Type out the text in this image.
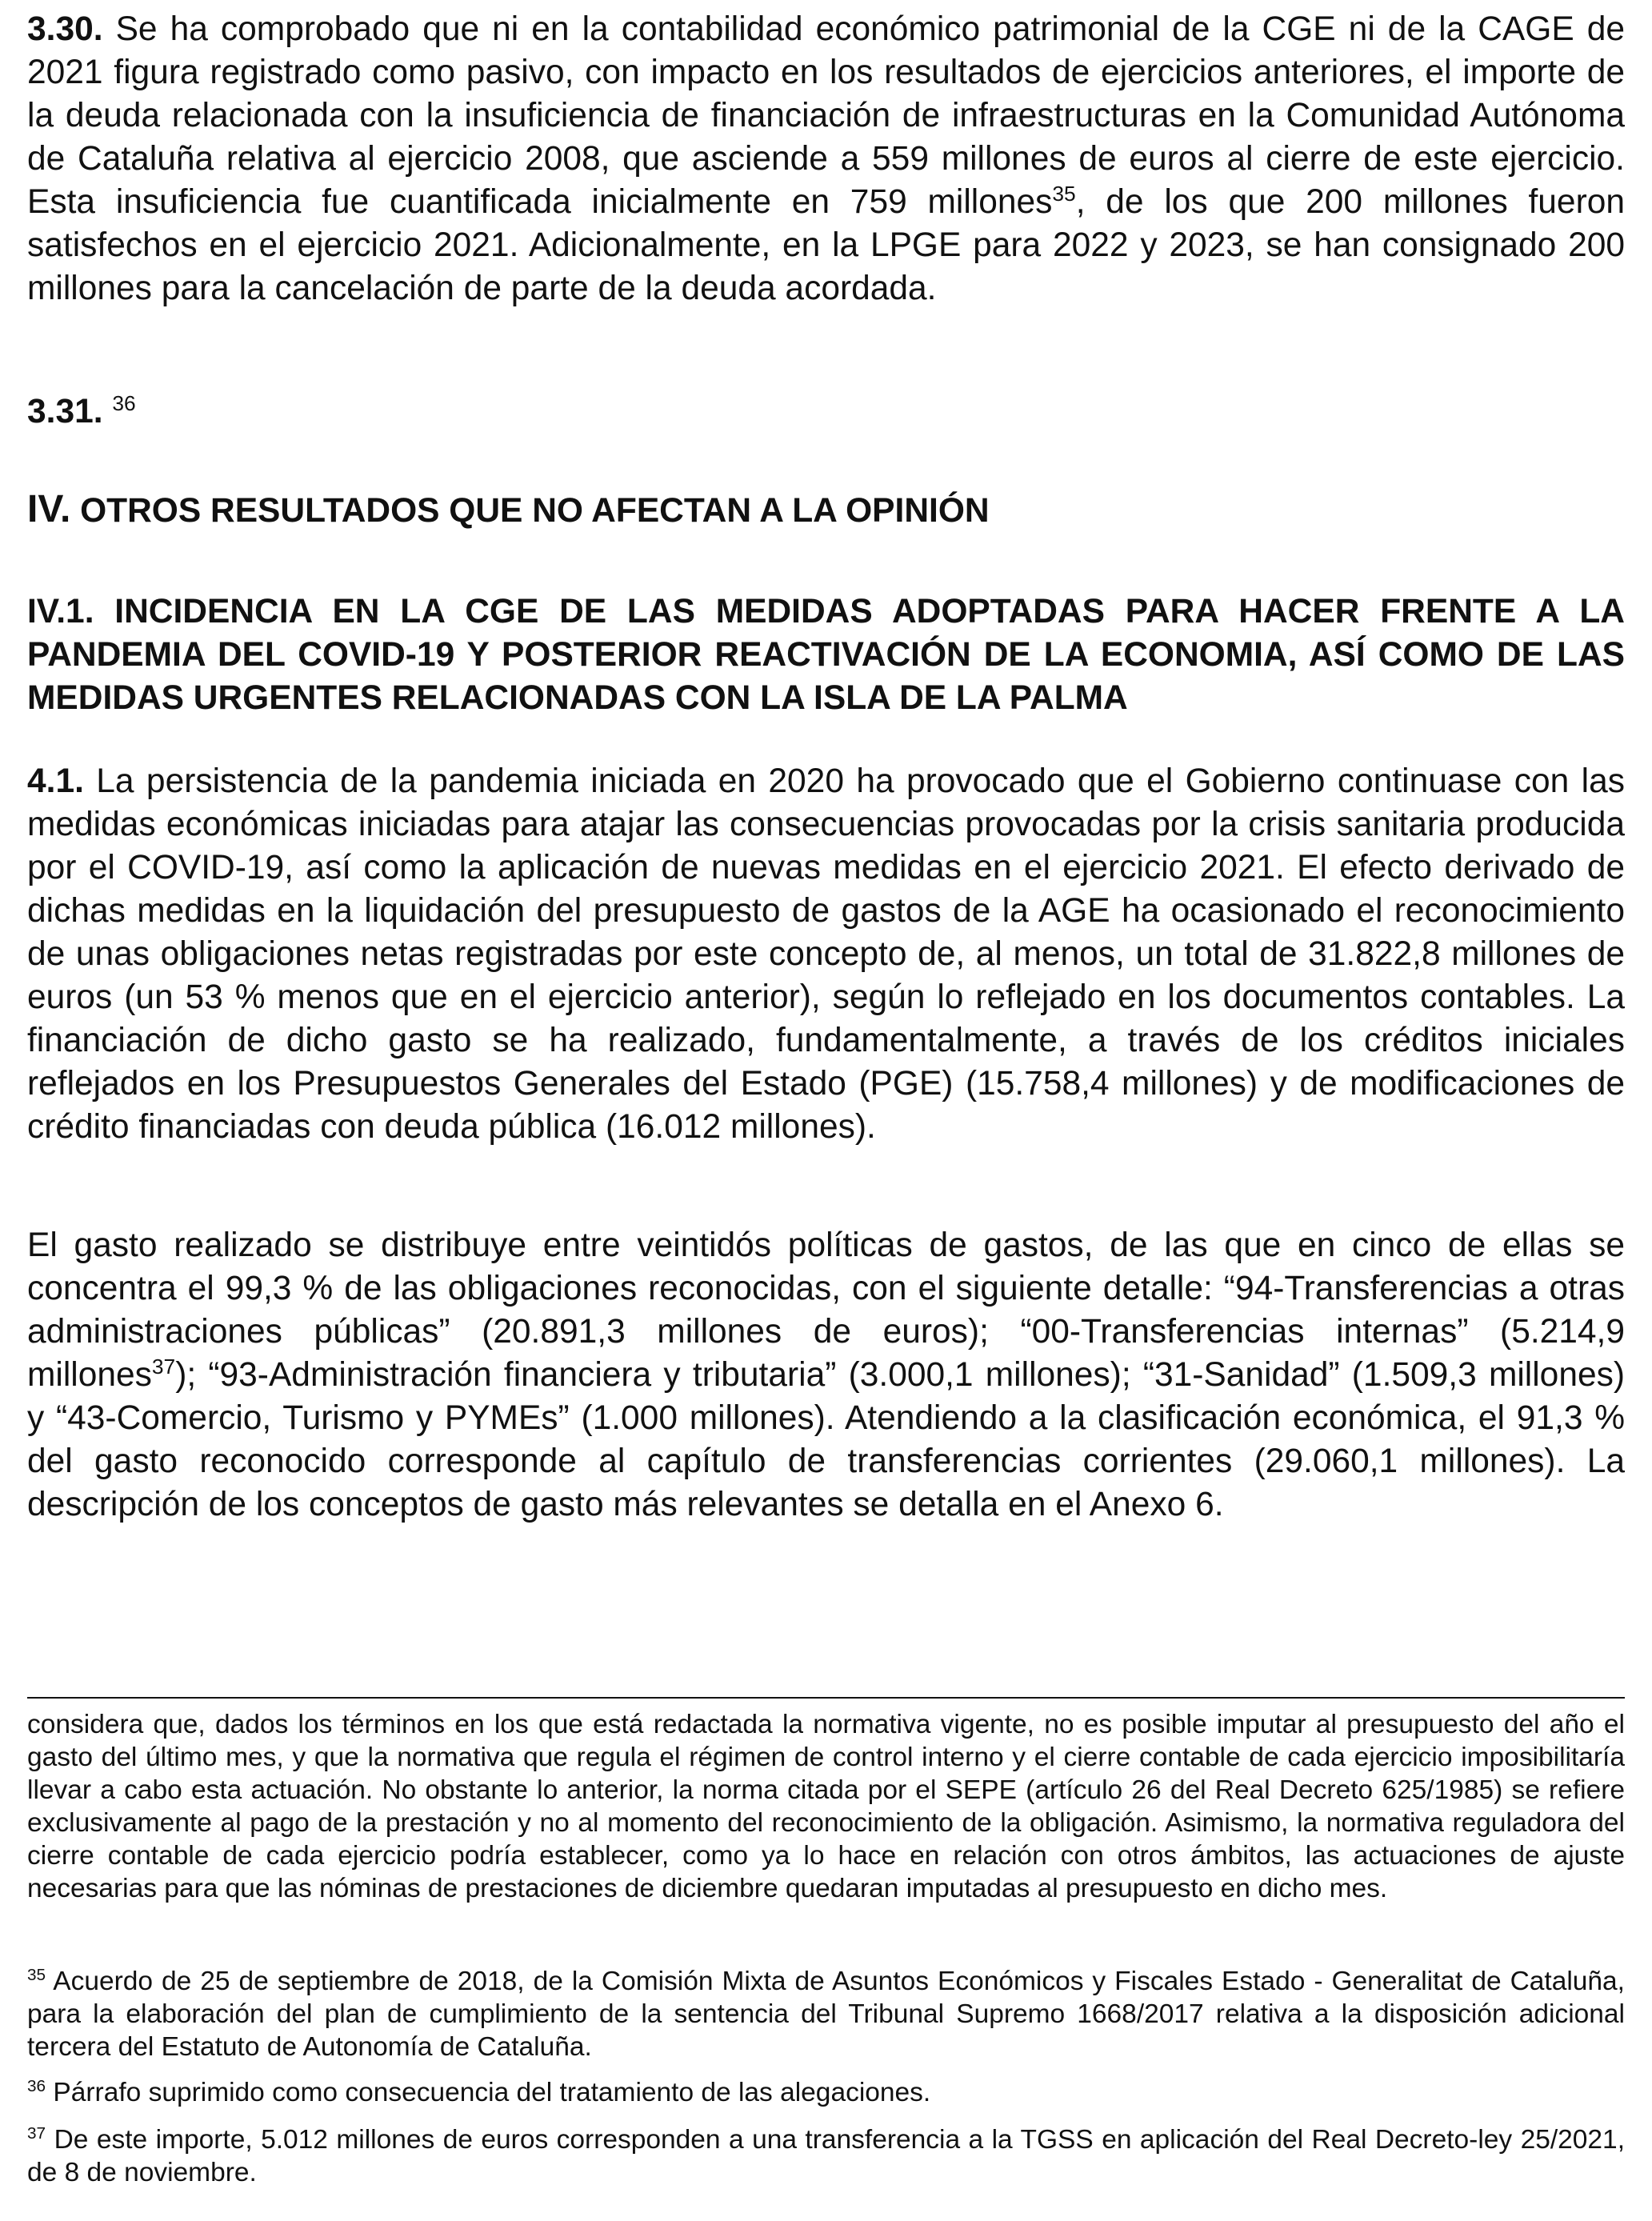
3.30. Se ha comprobado que ni en la contabilidad económico patrimonial de la CGE ni de la CAGE de 2021 figura registrado como pasivo, con impacto en los resultados de ejercicios anteriores, el importe de la deuda relacionada con la insuficiencia de financiación de infraestructuras en la Comunidad Autónoma de Cataluña relativa al ejercicio 2008, que asciende a 559 millones de euros al cierre de este ejercicio. Esta insuficiencia fue cuantificada inicialmente en 759 millones$^{35}$, de los que 200 millones fueron satisfechos en el ejercicio 2021. Adicionalmente, en la LPGE para 2022 y 2023, se han consignado 200 millones para la cancelación de parte de la deuda acordada.

3.31. $^{36}$

IV. OTROS RESULTADOS QUE NO AFECTAN A LA OPINIÓN
IV.1. INCIDENCIA EN LA CGE DE LAS MEDIDAS ADOPTADAS PARA HACER FRENTE A LA PANDEMIA DEL COVID-19 Y POSTERIOR REACTIVACIÓN DE LA ECONOMIA, ASÍ COMO DE LAS MEDIDAS URGENTES RELACIONADAS CON LA ISLA DE LA PALMA

4.1. La persistencia de la pandemia iniciada en 2020 ha provocado que el Gobierno continuase con las medidas económicas iniciadas para atajar las consecuencias provocadas por la crisis sanitaria producida por el COVID-19, así como la aplicación de nuevas medidas en el ejercicio 2021. El efecto derivado de dichas medidas en la liquidación del presupuesto de gastos de la AGE ha ocasionado el reconocimiento de unas obligaciones netas registradas por este concepto de, al menos, un total de 31.822,8 millones de euros (un 53 % menos que en el ejercicio anterior), según lo reflejado en los documentos contables. La financiación de dicho gasto se ha realizado, fundamentalmente, a través de los créditos iniciales reflejados en los Presupuestos Generales del Estado (PGE) (15.758,4 millones) y de modificaciones de crédito financiadas con deuda pública (16.012 millones).

El gasto realizado se distribuye entre veintidós políticas de gastos, de las que en cinco de ellas se concentra el 99,3 % de las obligaciones reconocidas, con el siguiente detalle: “94-Transferencias a otras administraciones públicas” (20.891,3 millones de euros); “00-Transferencias internas” (5.214,9 millones$^{37}$); “93-Administración financiera y tributaria” (3.000,1 millones); “31-Sanidad” (1.509,3 millones) y “43-Comercio, Turismo y PYMEs” (1.000 millones). Atendiendo a la clasificación económica, el 91,3 % del gasto reconocido corresponde al capítulo de transferencias corrientes (29.060,1 millones). La descripción de los conceptos de gasto más relevantes se detalla en el Anexo 6.

considera que, dados los términos en los que está redactada la normativa vigente, no es posible imputar al presupuesto del año el gasto del último mes, y que la normativa que regula el régimen de control interno y el cierre contable de cada ejercicio imposibilitaría llevar a cabo esta actuación. No obstante lo anterior, la norma citada por el SEPE (artículo 26 del Real Decreto 625/1985) se refiere exclusivamente al pago de la prestación y no al momento del reconocimiento de la obligación. Asimismo, la normativa reguladora del cierre contable de cada ejercicio podría establecer, como ya lo hace en relación con otros ámbitos, las actuaciones de ajuste necesarias para que las nóminas de prestaciones de diciembre quedaran imputadas al presupuesto en dicho mes.

$^{35}$ Acuerdo de 25 de septiembre de 2018, de la Comisión Mixta de Asuntos Económicos y Fiscales Estado - Generalitat de Cataluña, para la elaboración del plan de cumplimiento de la sentencia del Tribunal Supremo 1668/2017 relativa a la disposición adicional tercera del Estatuto de Autonomía de Cataluña.

$^{36}$ Párrafo suprimido como consecuencia del tratamiento de las alegaciones.

$^{37}$ De este importe, 5.012 millones de euros corresponden a una transferencia a la TGSS en aplicación del Real Decreto-ley 25/2021, de 8 de noviembre.
